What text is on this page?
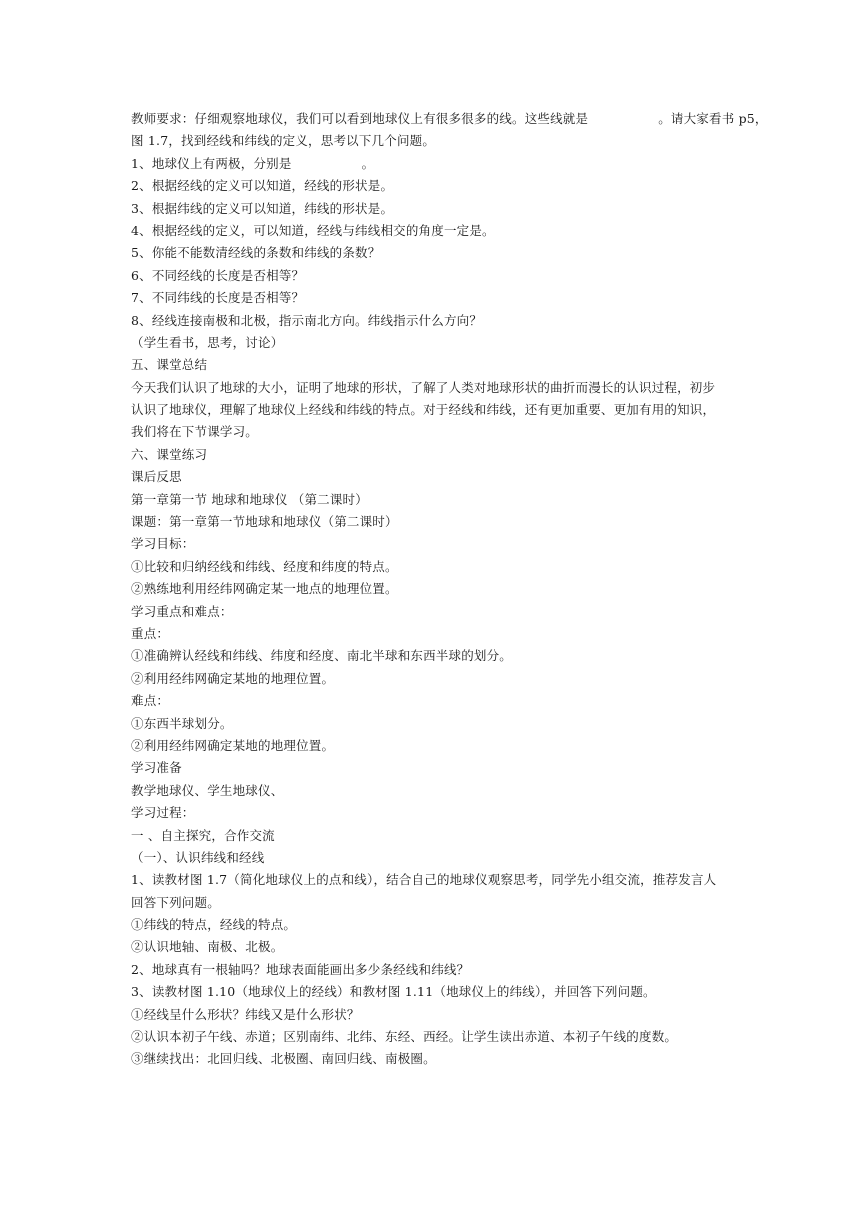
教师要求：仔细观察地球仪，我们可以看到地球仪上有很多很多的线。这些线就是	。请大家看书 p5，
图 1.7，找到经线和纬线的定义，思考以下几个问题。
1、地球仪上有两极，分别是	。
2、根据经线的定义可以知道，经线的形状是。
3、根据纬线的定义可以知道，纬线的形状是。
4、根据经线的定义，可以知道，经线与纬线相交的角度一定是。
5、你能不能数清经线的条数和纬线的条数？
6、不同经线的长度是否相等？
7、不同纬线的长度是否相等？
8、经线连接南极和北极，指示南北方向。纬线指示什么方向？
（学生看书，思考，讨论）
五、课堂总结
今天我们认识了地球的大小，证明了地球的形状，了解了人类对地球形状的曲折而漫长的认识过程，初步
认识了地球仪，理解了地球仪上经线和纬线的特点。对于经线和纬线，还有更加重要、更加有用的知识，
我们将在下节课学习。
六、课堂练习
课后反思
第一章第一节 地球和地球仪 （第二课时）
课题：第一章第一节地球和地球仪（第二课时）
学习目标：
①比较和归纳经线和纬线、经度和纬度的特点。
②熟练地利用经纬网确定某一地点的地理位置。
学习重点和难点：
重点：
①准确辨认经线和纬线、纬度和经度、南北半球和东西半球的划分。
②利用经纬网确定某地的地理位置。
难点：
①东西半球划分。
②利用经纬网确定某地的地理位置。
学习准备
教学地球仪、学生地球仪、
学习过程：
一 、自主探究，合作交流
（一）、认识纬线和经线
1、读教材图 1.7（简化地球仪上的点和线），结合自己的地球仪观察思考，同学先小组交流，推荐发言人
回答下列问题。
①纬线的特点，经线的特点。
②认识地轴、南极、北极。
2、地球真有一根轴吗？地球表面能画出多少条经线和纬线？
3、读教材图 1.10（地球仪上的经线）和教材图 1.11（地球仪上的纬线），并回答下列问题。
①经线呈什么形状？纬线又是什么形状？
②认识本初子午线、赤道；区别南纬、北纬、东经、西经。让学生读出赤道、本初子午线的度数。
③继续找出：北回归线、北极圈、南回归线、南极圈。
